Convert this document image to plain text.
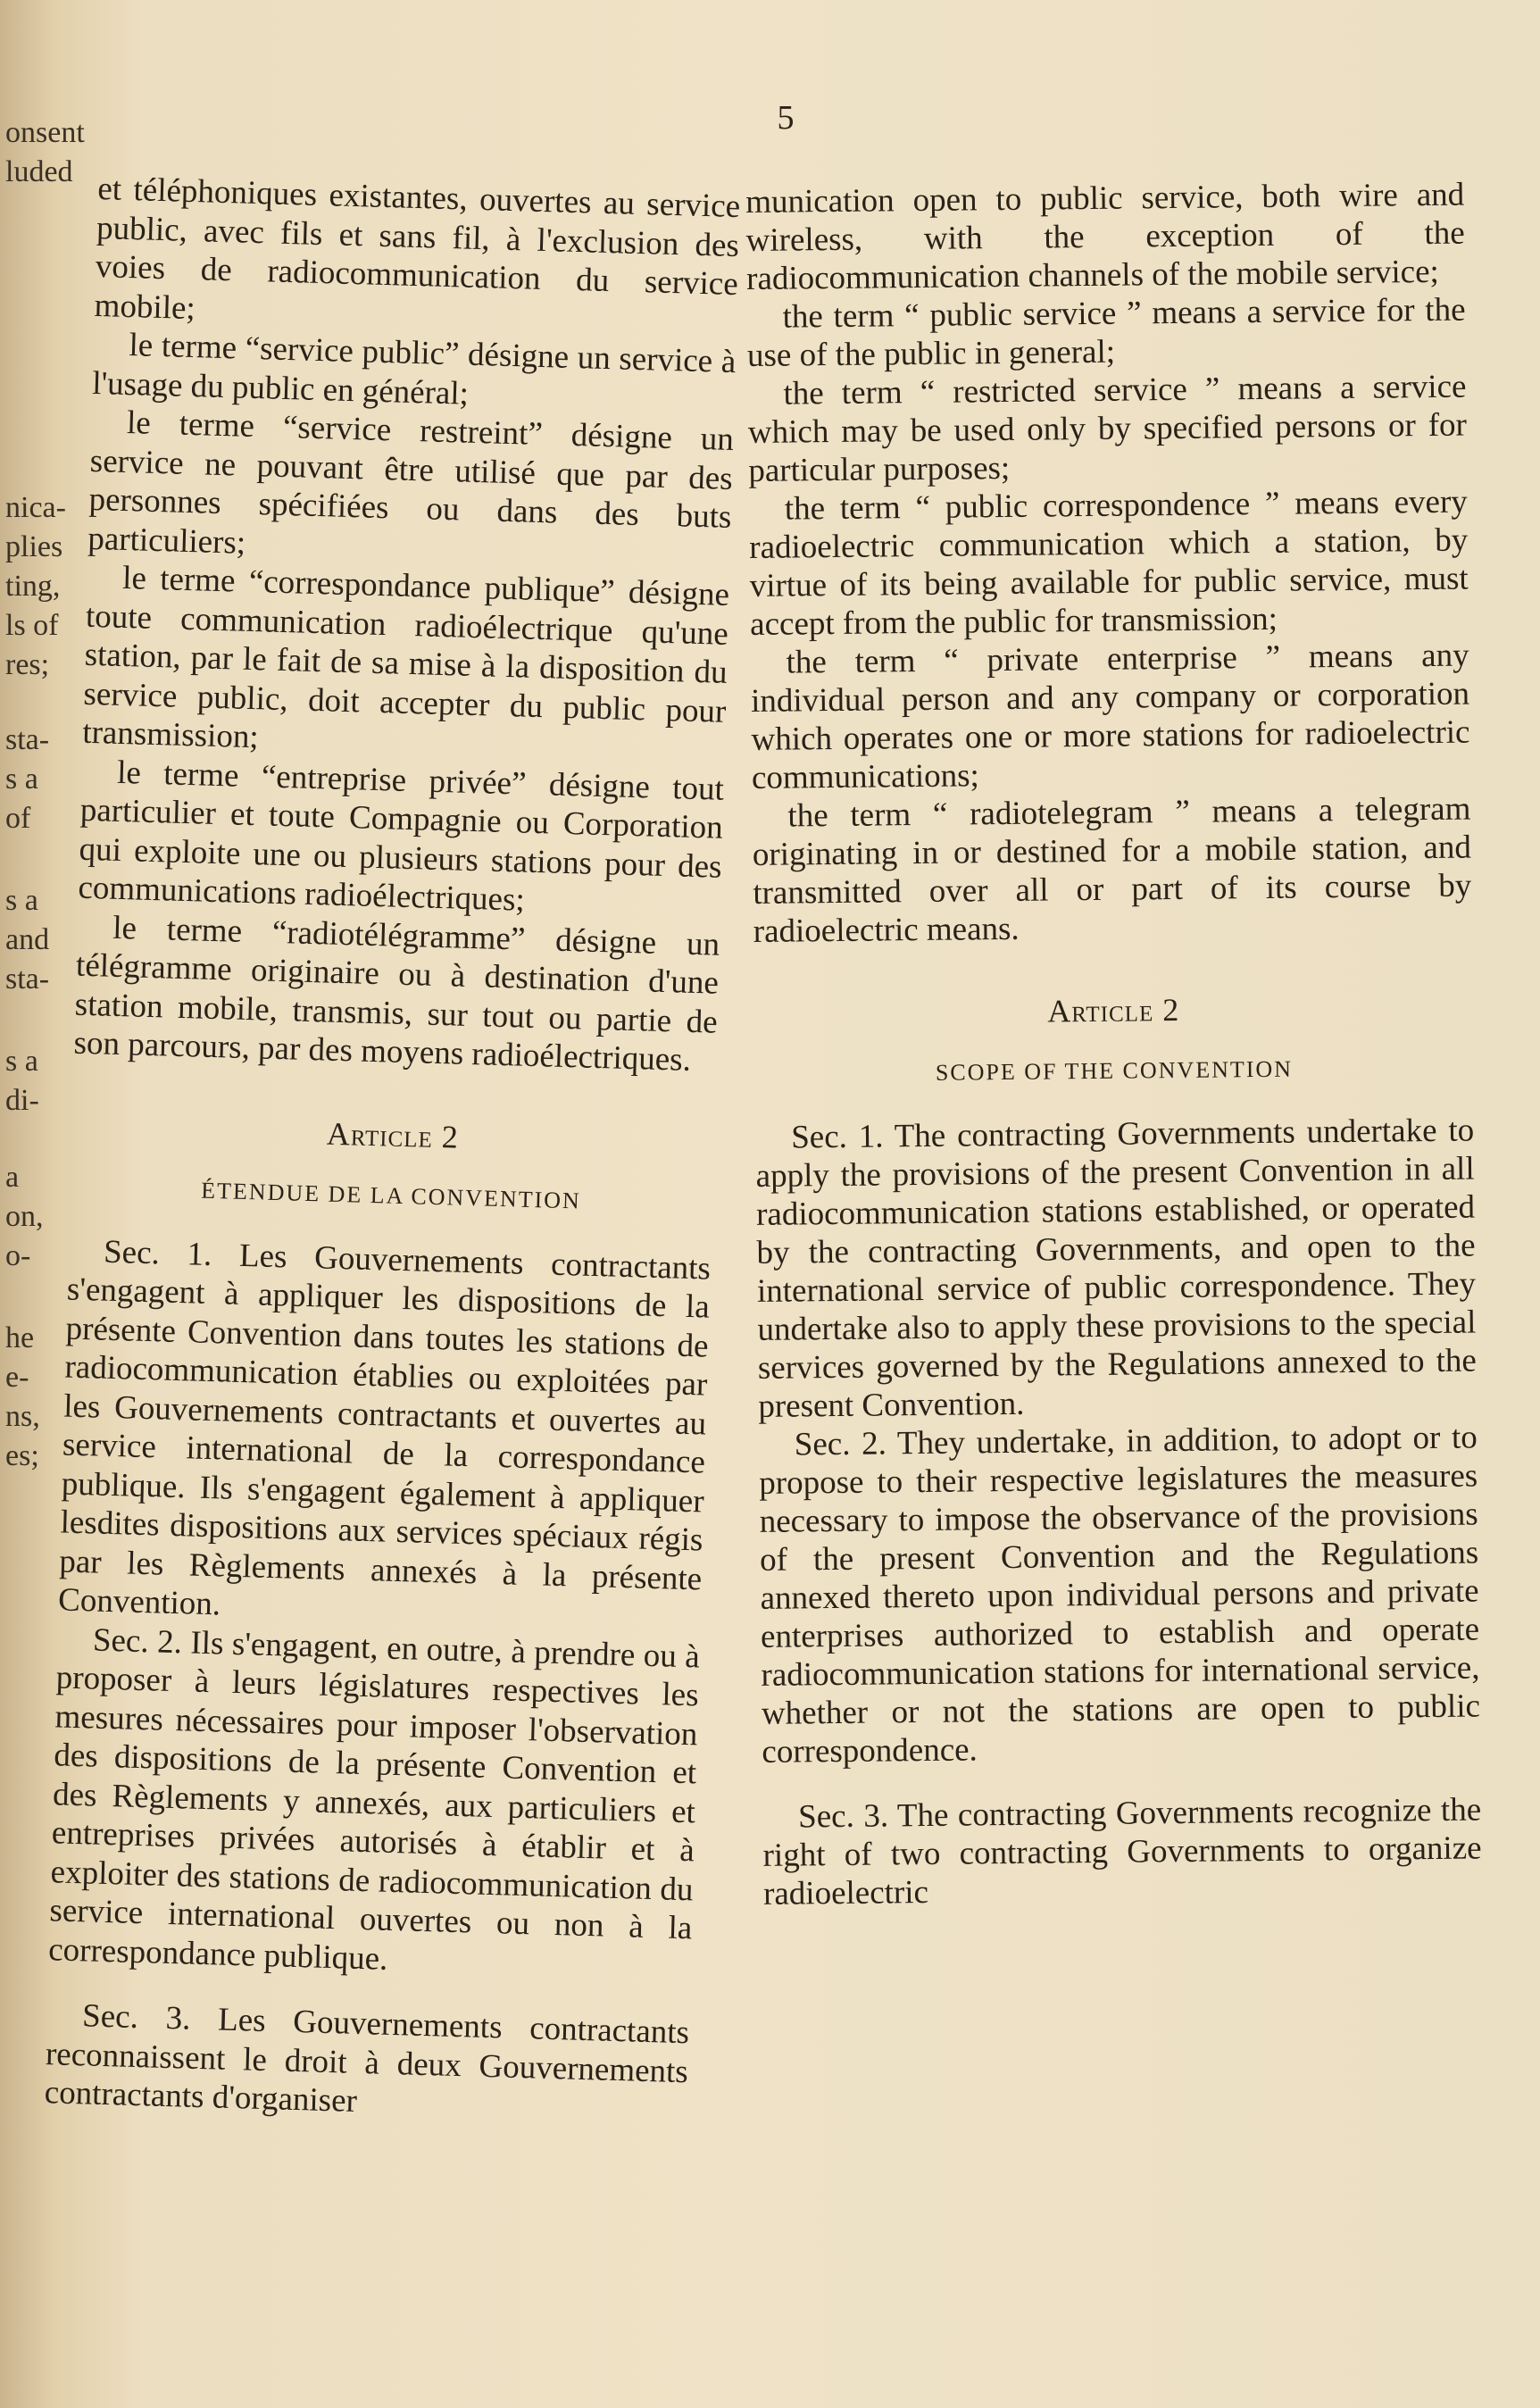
5
onsent
luded
nica-
plies
ting,
ls of
res;
sta-
s a
of
s a
and
sta-
s a
di-
a
on,
o-
he
e-
ns,
es;

et téléphoniques existantes, ouvertes au service public, avec fils et sans fil, à l'exclusion des voies de radiocommunication du service mobile;

le terme “service public” désigne un service à l'usage du public en général;

le terme “service restreint” désigne un service ne pouvant être utilisé que par des personnes spécifiées ou dans des buts particuliers;

le terme “correspondance publique” désigne toute communication radioélectrique qu'une station, par le fait de sa mise à la disposition du service public, doit accepter du public pour transmission;

le terme “entreprise privée” désigne tout particulier et toute Compagnie ou Corporation qui exploite une ou plusieurs stations pour des communications radioélectriques;

le terme “radiotélégramme” désigne un télégramme originaire ou à destination d'une station mobile, transmis, sur tout ou partie de son parcours, par des moyens radioélectriques.

Article 2
ÉTENDUE DE LA CONVENTION

Sec. 1. Les Gouvernements contractants s'engagent à appliquer les dispositions de la présente Convention dans toutes les stations de radiocommunication établies ou exploitées par les Gouvernements contractants et ouvertes au service international de la correspondance publique. Ils s'engagent également à appliquer lesdites dispositions aux services spéciaux régis par les Règlements annexés à la présente Convention.

Sec. 2. Ils s'engagent, en outre, à prendre ou à proposer à leurs législatures respectives les mesures nécessaires pour imposer l'observation des dispositions de la présente Convention et des Règlements y annexés, aux particuliers et entreprises privées autorisés à établir et à exploiter des stations de radiocommunication du service international ouvertes ou non à la correspondance publique.

Sec. 3. Les Gouvernements contractants reconnaissent le droit à deux Gouvernements contractants d'organiser

munication open to public service, both wire and wireless, with the exception of the radiocommunication channels of the mobile service;

the term “ public service ” means a service for the use of the public in general;

the term “ restricted service ” means a service which may be used only by specified persons or for particular purposes;

the term “ public correspondence ” means every radioelectric communication which a station, by virtue of its being available for public service, must accept from the public for transmission;

the term “ private enterprise ” means any individual person and any company or corporation which operates one or more stations for radioelectric communications;

the term “ radiotelegram ” means a telegram originating in or destined for a mobile station, and transmitted over all or part of its course by radioelectric means.

Article 2
SCOPE OF THE CONVENTION

Sec. 1. The contracting Governments undertake to apply the provisions of the present Convention in all radiocommunication stations established, or operated by the contracting Governments, and open to the international service of public correspondence. They undertake also to apply these provisions to the special services governed by the Regulations annexed to the present Convention.

Sec. 2. They undertake, in addition, to adopt or to propose to their respective legislatures the measures necessary to impose the observance of the provisions of the present Convention and the Regulations annexed thereto upon individual persons and private enterprises authorized to establish and operate radiocommunication stations for international service, whether or not the stations are open to public correspondence.

Sec. 3. The contracting Governments recognize the right of two contracting Governments to organize radioelectric
